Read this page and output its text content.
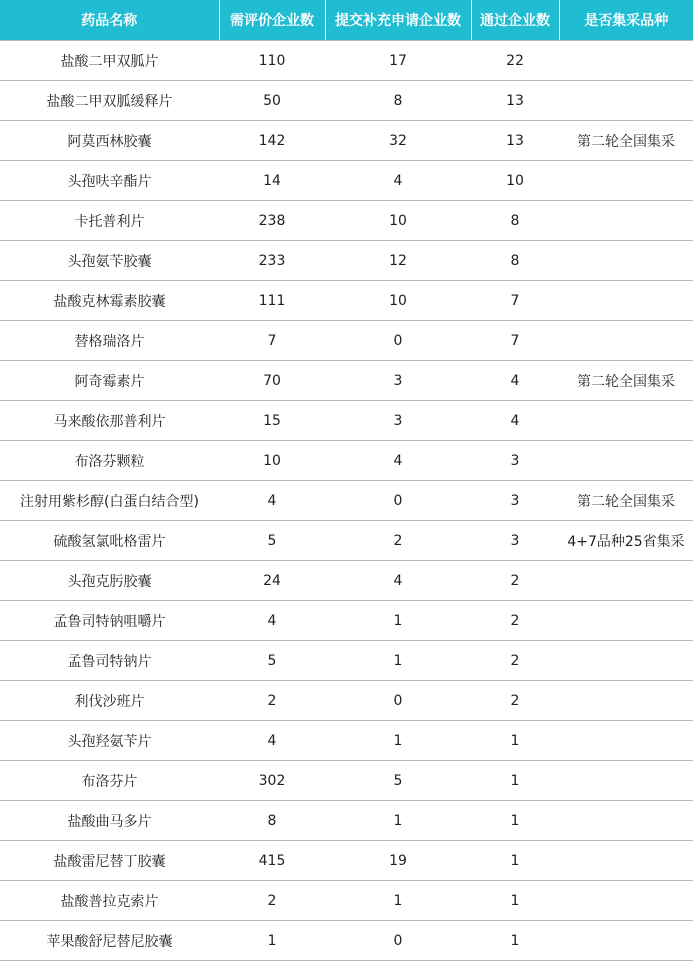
药品名称	需评价企业数	提交补充申请企业数	通过企业数	是否集采品种
盐酸二甲双胍片	110	17	22	
盐酸二甲双胍缓释片	50	8	13	
阿莫西林胶囊	142	32	13	第二轮全国集采
头孢呋辛酯片	14	4	10	
卡托普利片	238	10	8	
头孢氨苄胶囊	233	12	8	
盐酸克林霉素胶囊	111	10	7	
替格瑞洛片	7	0	7	
阿奇霉素片	70	3	4	第二轮全国集采
马来酸依那普利片	15	3	4	
布洛芬颗粒	10	4	3	
注射用紫杉醇(白蛋白结合型)	4	0	3	第二轮全国集采
硫酸氢氯吡格雷片	5	2	3	4+7品种25省集采
头孢克肟胶囊	24	4	2	
孟鲁司特钠咀嚼片	4	1	2	
孟鲁司特钠片	5	1	2	
利伐沙班片	2	0	2	
头孢羟氨苄片	4	1	1	
布洛芬片	302	5	1	
盐酸曲马多片	8	1	1	
盐酸雷尼替丁胶囊	415	19	1	
盐酸普拉克索片	2	1	1	
苹果酸舒尼替尼胶囊	1	0	1	
